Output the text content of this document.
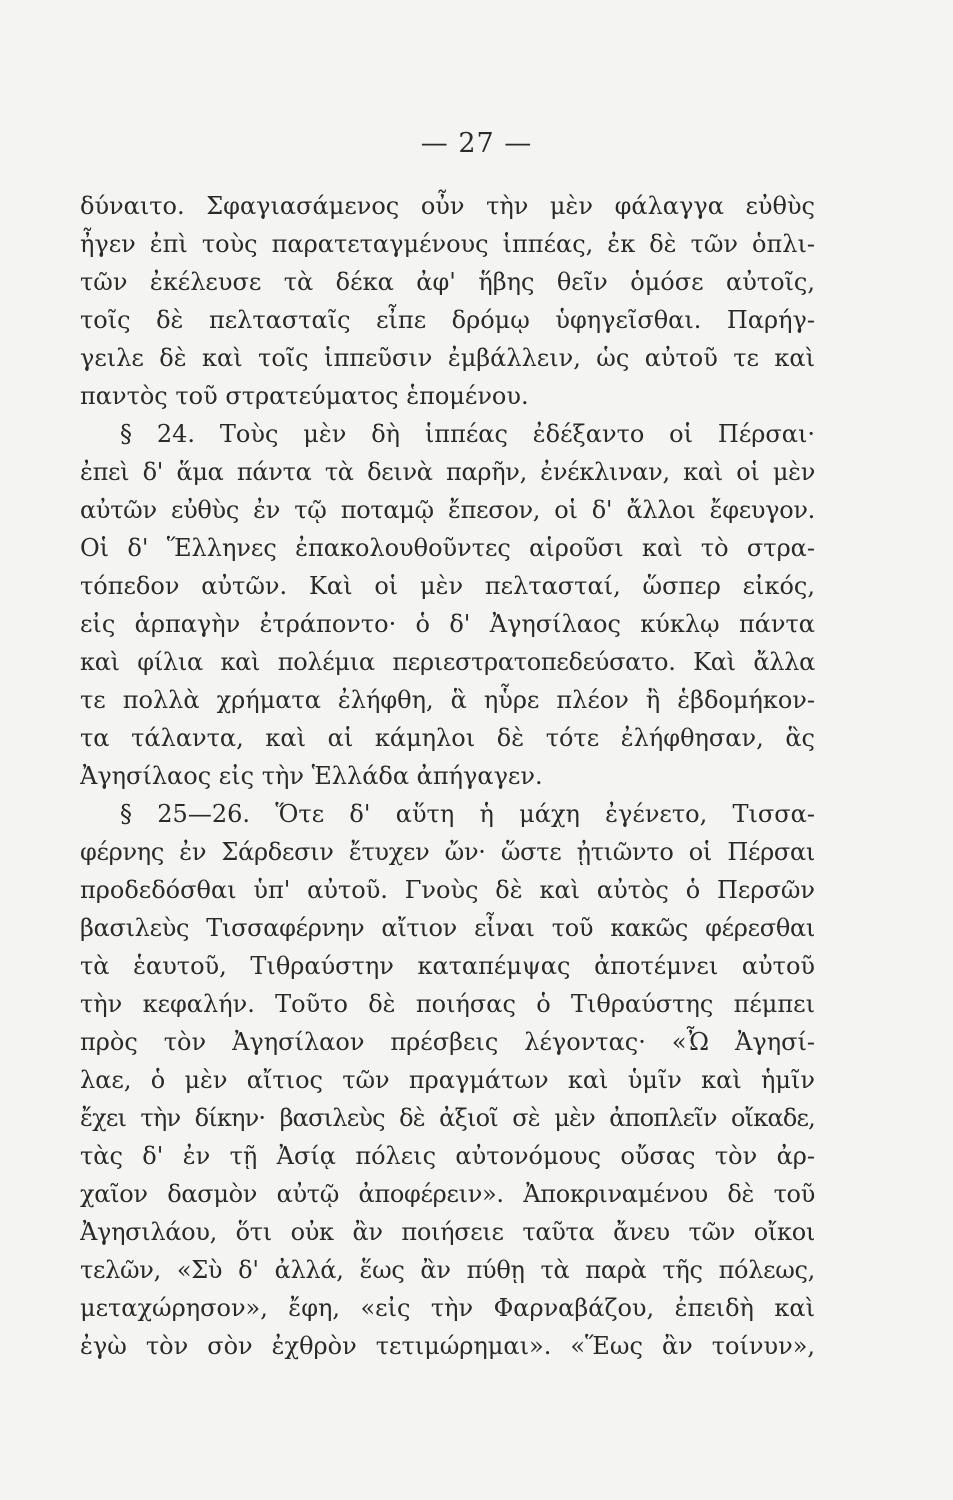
— 27 —
δύναιτο. Σφαγιασάμενος οὖν τὴν μὲν φάλαγγα εὐθὺς
ἦγεν ἐπὶ τοὺς παρατεταγμένους ἱππέας, ἐκ δὲ τῶν ὁπλι-
τῶν ἐκέλευσε τὰ δέκα ἀφ' ἥβης θεῖν ὁμόσε αὐτοῖς,
τοῖς δὲ πελτασταῖς εἶπε δρόμῳ ὑφηγεῖσθαι. Παρήγ-
γειλε δὲ καὶ τοῖς ἱππεῦσιν ἐμβάλλειν, ὡς αὐτοῦ τε καὶ
παντὸς τοῦ στρατεύματος ἑπομένου.
§ 24. Τοὺς μὲν δὴ ἱππέας ἐδέξαντο οἱ Πέρσαι·
ἐπεὶ δ' ἅμα πάντα τὰ δεινὰ παρῆν, ἐνέκλιναν, καὶ οἱ μὲν
αὐτῶν εὐθὺς ἐν τῷ ποταμῷ ἔπεσον, οἱ δ' ἄλλοι ἔφευγον.
Οἱ δ' Ἕλληνες ἐπακολουθοῦντες αἱροῦσι καὶ τὸ στρα-
τόπεδον αὐτῶν. Καὶ οἱ μὲν πελτασταί, ὥσπερ εἰκός,
εἰς ἁρπαγὴν ἐτράποντο· ὁ δ' Ἀγησίλαος κύκλῳ πάντα
καὶ φίλια καὶ πολέμια περιεστρατοπεδεύσατο. Καὶ ἄλλα
τε πολλὰ χρήματα ἐλήφθη, ἃ ηὗρε πλέον ἢ ἑβδομήκον-
τα τάλαντα, καὶ αἱ κάμηλοι δὲ τότε ἐλήφθησαν, ἃς
Ἀγησίλαος εἰς τὴν Ἑλλάδα ἀπήγαγεν.
§ 25—26. Ὅτε δ' αὕτη ἡ μάχη ἐγένετο, Τισσα-
φέρνης ἐν Σάρδεσιν ἔτυχεν ὤν· ὥστε ᾐτιῶντο οἱ Πέρσαι
προδεδόσθαι ὑπ' αὐτοῦ. Γνοὺς δὲ καὶ αὐτὸς ὁ Περσῶν
βασιλεὺς Τισσαφέρνην αἴτιον εἶναι τοῦ κακῶς φέρεσθαι
τὰ ἑαυτοῦ, Τιθραύστην καταπέμψας ἀποτέμνει αὐτοῦ
τὴν κεφαλήν. Τοῦτο δὲ ποιήσας ὁ Τιθραύστης πέμπει
πρὸς τὸν Ἀγησίλαον πρέσβεις λέγοντας· «Ὦ Ἀγησί-
λαε, ὁ μὲν αἴτιος τῶν πραγμάτων καὶ ὑμῖν καὶ ἡμῖν
ἔχει τὴν δίκην· βασιλεὺς δὲ ἀξιοῖ σὲ μὲν ἀποπλεῖν οἴκαδε,
τὰς δ' ἐν τῇ Ἀσίᾳ πόλεις αὐτονόμους οὔσας τὸν ἀρ-
χαῖον δασμὸν αὐτῷ ἀποφέρειν». Ἀποκριναμένου δὲ τοῦ
Ἀγησιλάου, ὅτι οὐκ ἂν ποιήσειε ταῦτα ἄνευ τῶν οἴκοι
τελῶν, «Σὺ δ' ἀλλά, ἕως ἂν πύθῃ τὰ παρὰ τῆς πόλεως,
μεταχώρησον», ἔφη, «εἰς τὴν Φαρναβάζου, ἐπειδὴ καὶ
ἐγὼ τὸν σὸν ἐχθρὸν τετιμώρημαι». «Ἕως ἂν τοίνυν»,
